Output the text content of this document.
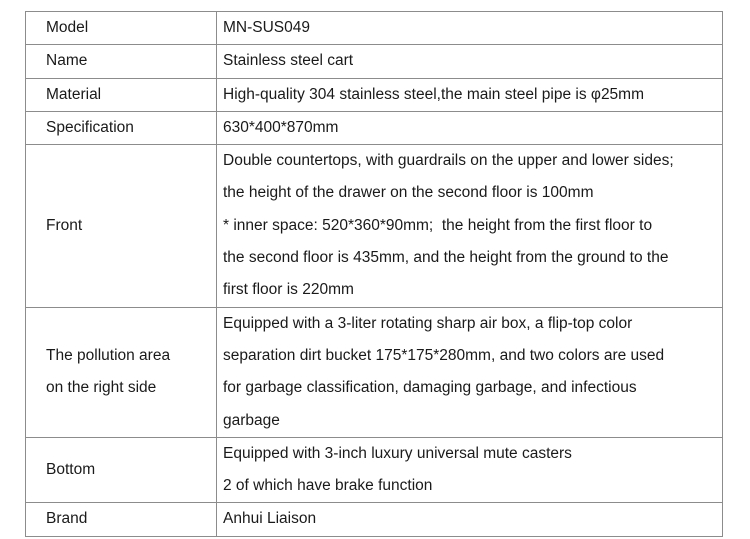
Model	MN-SUS049

Name	Stainless steel cart

Material	High-quality 304 stainless steel,the main steel pipe is φ25mm

Specification	630*400*870mm

Front	Double countertops, with guardrails on the upper and lower sides;
the height of the drawer on the second floor is 100mm
* inner space: 520*360*90mm;  the height from the first floor to
the second floor is 435mm, and the height from the ground to the
first floor is 220mm

The pollution area
on the right side	Equipped with a 3-liter rotating sharp air box, a flip-top color
separation dirt bucket 175*175*280mm, and two colors are used
for garbage classification, damaging garbage, and infectious
garbage

Bottom	Equipped with 3-inch luxury universal mute casters
2 of which have brake function

Brand	Anhui Liaison
